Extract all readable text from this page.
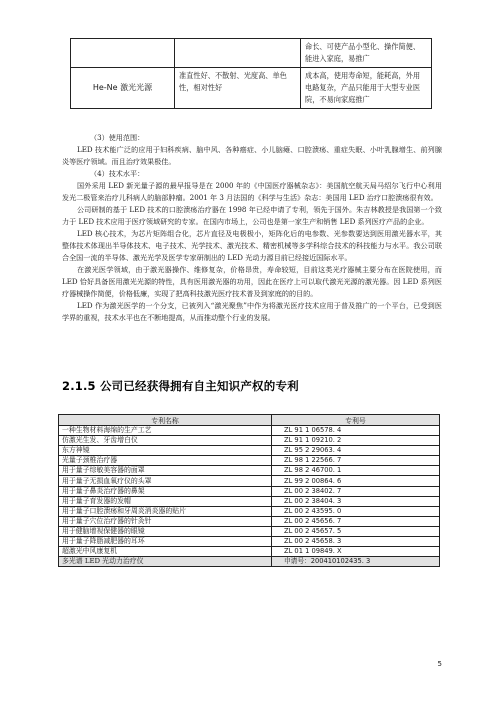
		命长、可使产品小型化、操作简便、能进入家庭，易推广
He-Ne 激光光源	准直性好、不散射、光度高、单色性，相对性好	成本高，使用寿命短，能耗高，外用电路复杂，产品只能用于大型专业医院，不易向家庭推广

（3）使用范围：

LED 技术能广泛的应用于妇科疾病、脑中风、各种癌症、小儿脑瘫、口腔溃疡、重症失眠、小叶乳腺增生、前列腺炎等医疗领域。而且治疗效果极佳。

（4）技术水平：

国外采用 LED 新光量子源的最早报导是在 2000 年的《中国医疗器械杂志》：美国航空航天局马绍尔飞行中心利用发光二极管来治疗儿科病人的脑部肿瘤。2001 年 3 月法国的《科学与生活》杂志：美国用 LED 治疗口腔溃疡很有效。

公司研制的基于 LED 技术的口腔溃疡治疗器在 1998 年已经申请了专利，领先于国外。朱吉林教授是我国第一个致力于 LED 技术应用于医疗领域研究的专家。在国内市场上，公司也是第一家生产和销售 LED 系列医疗产品的企业。

LED 核心技术，为芯片矩阵组合化，芯片直径及电极极小，矩阵化后的电参数、光参数要达到医用激光器水平，其整体技术体现出半导体技术、电子技术、光学技术、激光技术、精密机械等多学科综合技术的科技能力与水平。我公司联合全国一流的半导体、激光光学及医学专家研制出的 LED 光动力源目前已经接近国际水平。

在激光医学领域，由于激光器操作、维修复杂，价格昂贵，寿命较短，目前这类光疗器械主要分布在医院使用，而 LED 恰好具备医用激光光源的特性，具有医用激光器的功用，因此在医疗上可以取代激光光源的激光器。因 LED 系列医疗器械操作简便，价格低廉，实现了把高科技激光医疗技术普及到家庭的的目的。

LED 作为激光医学的一个分支，已被列入“激光聚焦”中作为将激光医疗技术应用于普及推广的一个平台，已受到医学界的重视，技术水平也在不断地提高，从而推动整个行业的发展。

2.1.5 公司已经获得拥有自主知识产权的专利
专利名称	专利号
一种生物材料海绵的生产工艺	ZL 91 1 06578. 4
仿激光生发、牙齿增白仪	ZL 91 1 09210. 2
东方神镜	ZL 95 2 29063. 4
光量子颈椎治疗器	ZL 98 1 22566. 7
用于量子综敏美容器的面罩	ZL 98 2 46700. 1
用于量子无损血氧疗仪的头罩	ZL 99 2 00864. 6
用于量子鼻炎治疗器的鼻架	ZL 00 2 38402. 7
用于量子育发器的发帽	ZL 00 2 38404. 3
用于量子口腔溃疡和牙周炎消炎器的贴片	ZL 00 2 43595. 0
用于量子穴位治疗器的针灸针	ZL 00 2 45656. 7
用于健脑增视保健器的眼镜	ZL 00 2 45657. 5
用于量子降脂减肥器的耳环	ZL 00 2 45658. 3
超激光中风康复机	ZL 01 1 09849. X
多光谱 LED 光动力治疗仪	申请号：200410102435. 3
5
